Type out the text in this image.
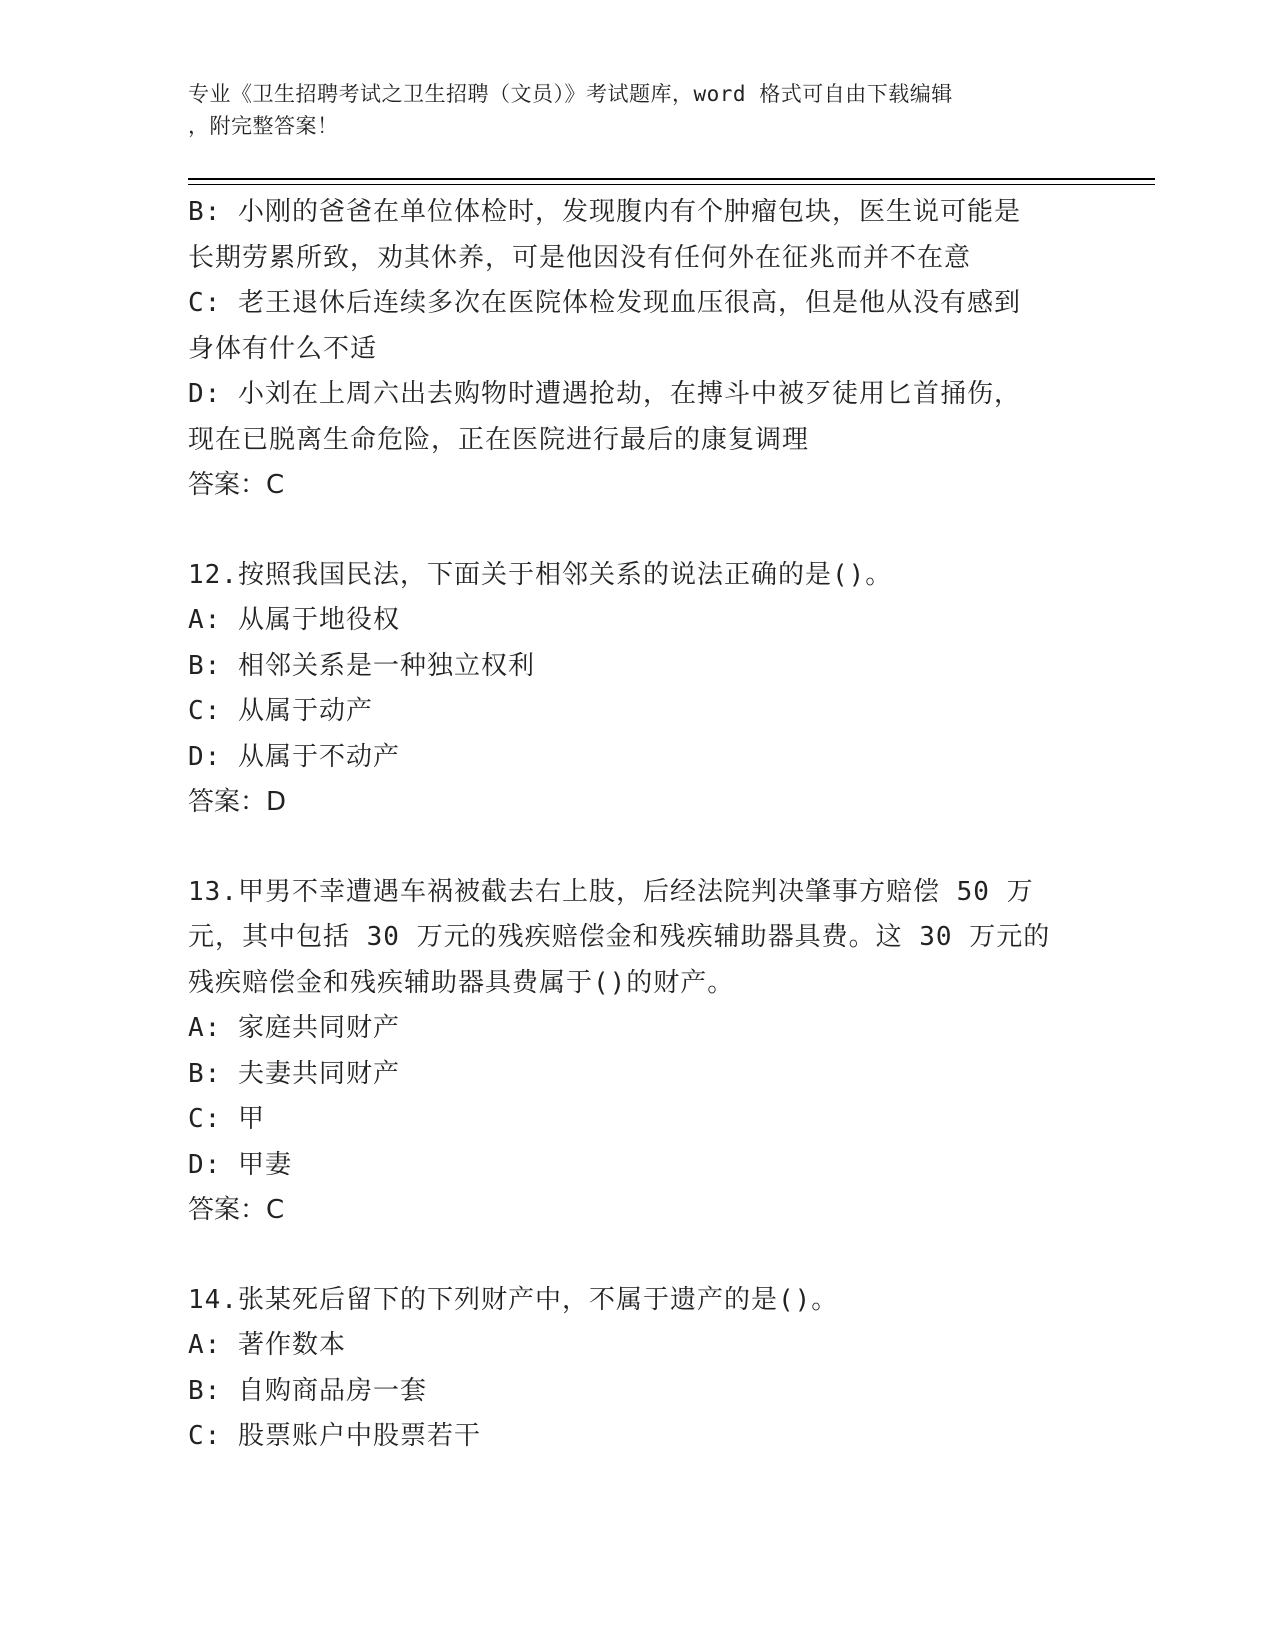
专业《卫生招聘考试之卫生招聘（文员）》考试题库，word 格式可自由下载编辑
，附完整答案！
B: 小刚的爸爸在单位体检时，发现腹内有个肿瘤包块，医生说可能是
长期劳累所致，劝其休养，可是他因没有任何外在征兆而并不在意
C: 老王退休后连续多次在医院体检发现血压很高，但是他从没有感到
身体有什么不适
D: 小刘在上周六出去购物时遭遇抢劫，在搏斗中被歹徒用匕首捅伤，
现在已脱离生命危险，正在医院进行最后的康复调理
答案：C
12.按照我国民法，下面关于相邻关系的说法正确的是()。
A: 从属于地役权
B: 相邻关系是一种独立权利
C: 从属于动产
D: 从属于不动产
答案：D
13.甲男不幸遭遇车祸被截去右上肢，后经法院判决肇事方赔偿 50 万
元，其中包括 30 万元的残疾赔偿金和残疾辅助器具费。这 30 万元的
残疾赔偿金和残疾辅助器具费属于()的财产。
A: 家庭共同财产
B: 夫妻共同财产
C: 甲
D: 甲妻
答案：C
14.张某死后留下的下列财产中，不属于遗产的是()。
A: 著作数本
B: 自购商品房一套
C: 股票账户中股票若干
